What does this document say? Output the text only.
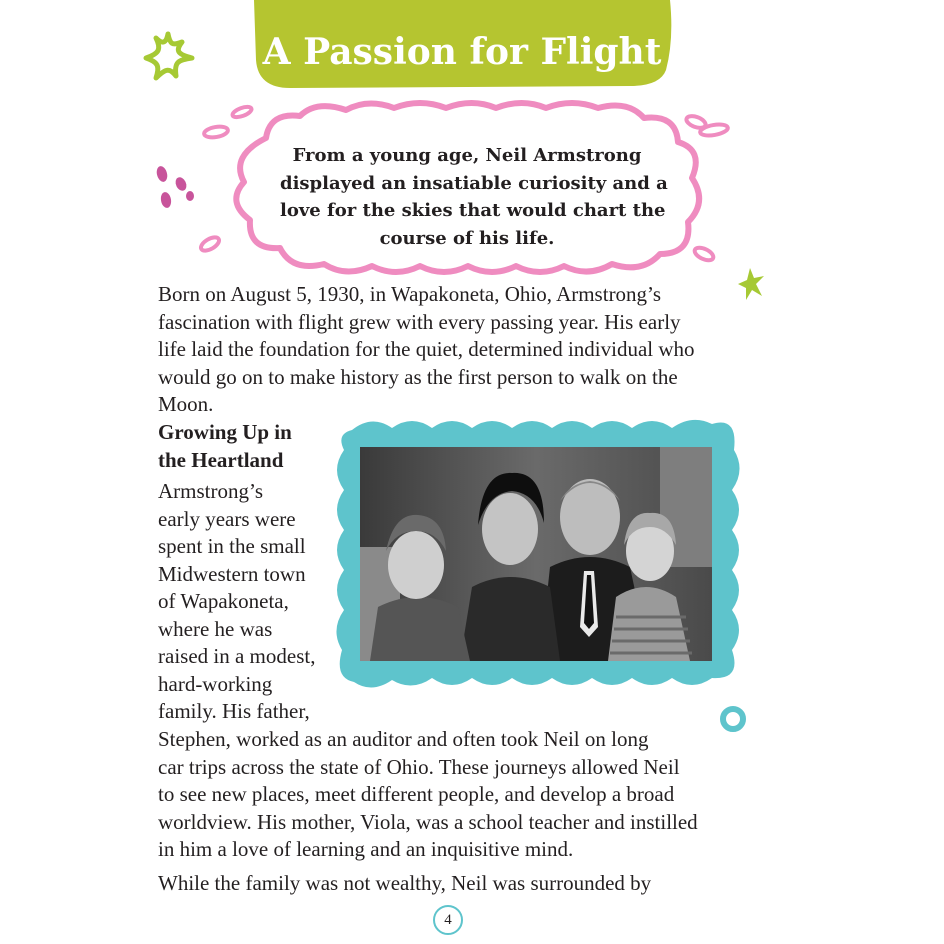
A Passion for Flight
From a young age, Neil Armstrong
displayed an insatiable curiosity and a
love for the skies that would chart the
course of his life.
Born on August 5, 1930, in Wapakoneta, Ohio, Armstrong’s
fascination with flight grew with every passing year. His early
life laid the foundation for the quiet, determined individual who
would go on to make history as the first person to walk on the
Moon.
Growing Up in
the Heartland
Armstrong’s
early years were
spent in the small
Midwestern town
of Wapakoneta,
where he was
raised in a modest,
hard-working
family. His father,
Stephen, worked as an auditor and often took Neil on long
car trips across the state of Ohio. These journeys allowed Neil
to see new places, meet different people, and develop a broad
worldview. His mother, Viola, was a school teacher and instilled
in him a love of learning and an inquisitive mind.
While the family was not wealthy, Neil was surrounded by
4
